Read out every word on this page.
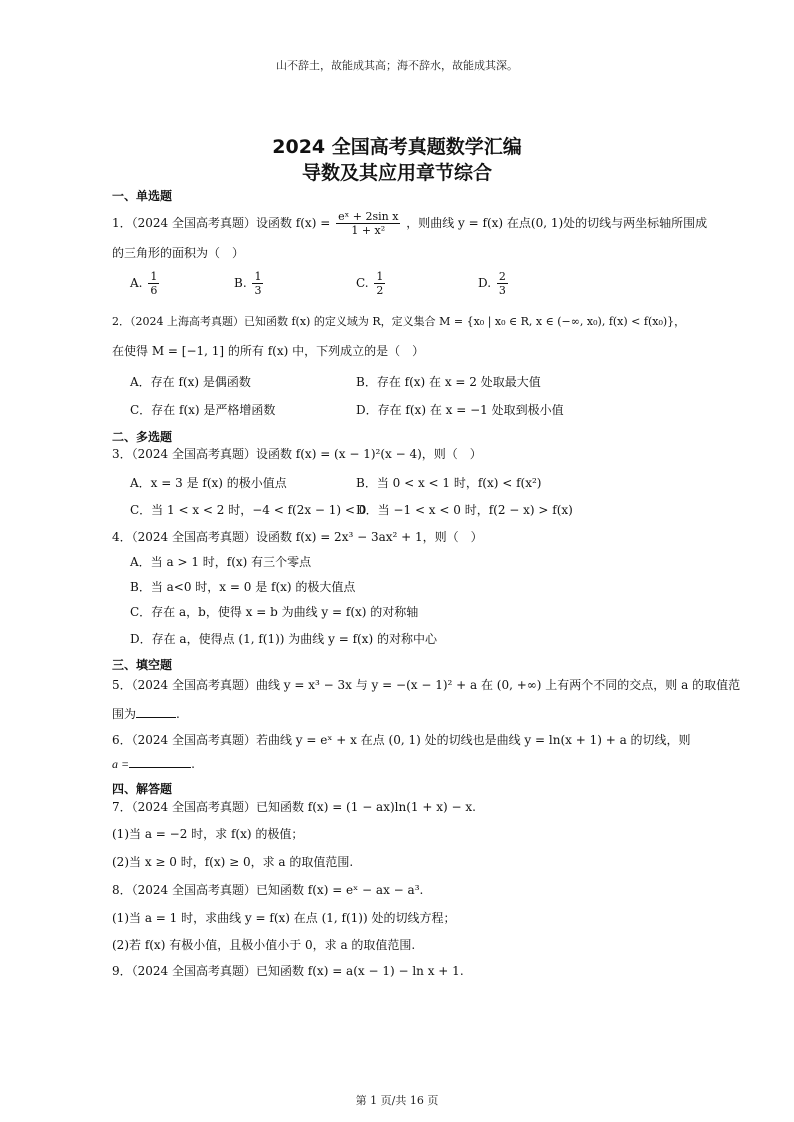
山不辞土，故能成其高；海不辞水，故能成其深。
2024 全国高考真题数学汇编
导数及其应用章节综合
一、单选题
1．（2024 全国高考真题）设函数 $f(x) = \frac{\text{eˣ + 2sin x}}{\text{1 + x²}}$ ，则曲线 y = f(x) 在点(0, 1)处的切线与两坐标轴所围成
的三角形的面积为（　）
A. $\frac{1}{6}$	B. $\frac{1}{3}$	C. $\frac{1}{2}$	D. $\frac{2}{3}$
2．（2024 上海高考真题）已知函数 f(x) 的定义域为 R，定义集合 M = {x₀ | x₀ ∈ R, x ∈ (−∞, x₀), f(x) < f(x₀)}，
在使得 M = [−1, 1] 的所有 f(x) 中，下列成立的是（　）
A．存在 f(x) 是偶函数	B．存在 f(x) 在 x = 2 处取最大值
C．存在 f(x) 是严格增函数	D．存在 f(x) 在 x = −1 处取到极小值
二、多选题
3．（2024 全国高考真题）设函数 f(x) = (x − 1)²(x − 4)，则（　）
A．x = 3 是 f(x) 的极小值点	B．当 0 < x < 1 时，f(x) < f(x²)
C．当 1 < x < 2 时，−4 < f(2x − 1) < 0
D．当 −1 < x < 0 时，f(2 − x) > f(x)
4．（2024 全国高考真题）设函数 f(x) = 2x³ − 3ax² + 1，则（　）
A．当 a > 1 时，f(x) 有三个零点
B．当 a<0 时，x = 0 是 f(x) 的极大值点
C．存在 a，b，使得 x = b 为曲线 y = f(x) 的对称轴
D．存在 a，使得点 (1, f(1)) 为曲线 y = f(x) 的对称中心
三、填空题
5．（2024 全国高考真题）曲线 y = x³ − 3x 与 y = −(x − 1)² + a 在 (0, +∞) 上有两个不同的交点，则 a 的取值范
围为	.
6．（2024 全国高考真题）若曲线 y = eˣ + x 在点 (0, 1) 处的切线也是曲线 y = ln(x + 1) + a 的切线，则
a =	.
四、解答题
7．（2024 全国高考真题）已知函数 f(x) = (1 − ax)ln(1 + x) − x.
(1)当 a = −2 时，求 f(x) 的极值；
(2)当 x ≥ 0 时，f(x) ≥ 0，求 a 的取值范围.
8．（2024 全国高考真题）已知函数 f(x) = eˣ − ax − a³.
(1)当 a = 1 时，求曲线 y = f(x) 在点 (1, f(1)) 处的切线方程；
(2)若 f(x) 有极小值，且极小值小于 0，求 a 的取值范围.
9．（2024 全国高考真题）已知函数 f(x) = a(x − 1) − ln x + 1.
第 1 页/共 16 页
